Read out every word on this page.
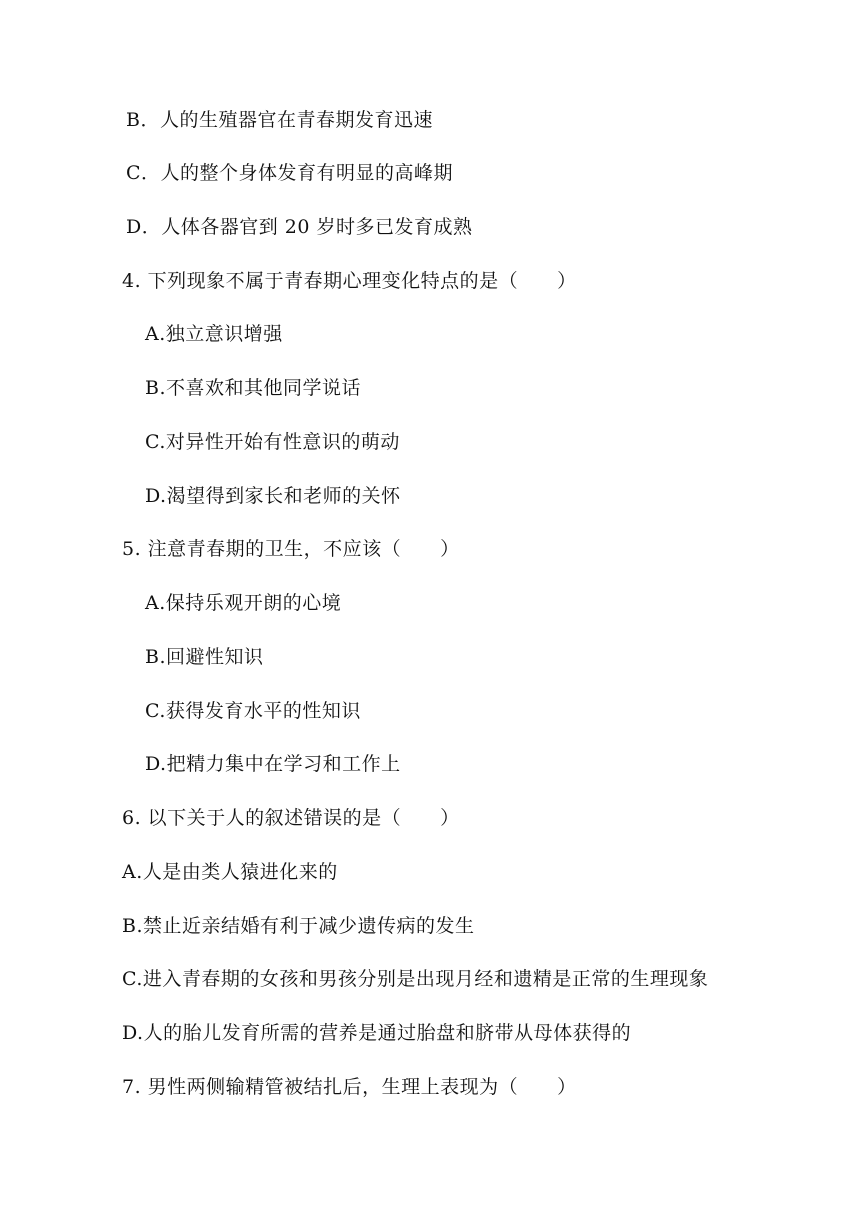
B．人的生殖器官在青春期发育迅速
C．人的整个身体发育有明显的高峰期
D．人体各器官到 20 岁时多已发育成熟
4. 下列现象不属于青春期心理变化特点的是（　　）
A.独立意识增强
B.不喜欢和其他同学说话
C.对异性开始有性意识的萌动
D.渴望得到家长和老师的关怀
5. 注意青春期的卫生，不应该（　　）
A.保持乐观开朗的心境
B.回避性知识
C.获得发育水平的性知识
D.把精力集中在学习和工作上
6. 以下关于人的叙述错误的是（　　）
A.人是由类人猿进化来的
B.禁止近亲结婚有利于减少遗传病的发生
C.进入青春期的女孩和男孩分别是出现月经和遗精是正常的生理现象
D.人的胎儿发育所需的营养是通过胎盘和脐带从母体获得的
7. 男性两侧输精管被结扎后，生理上表现为（　　）
